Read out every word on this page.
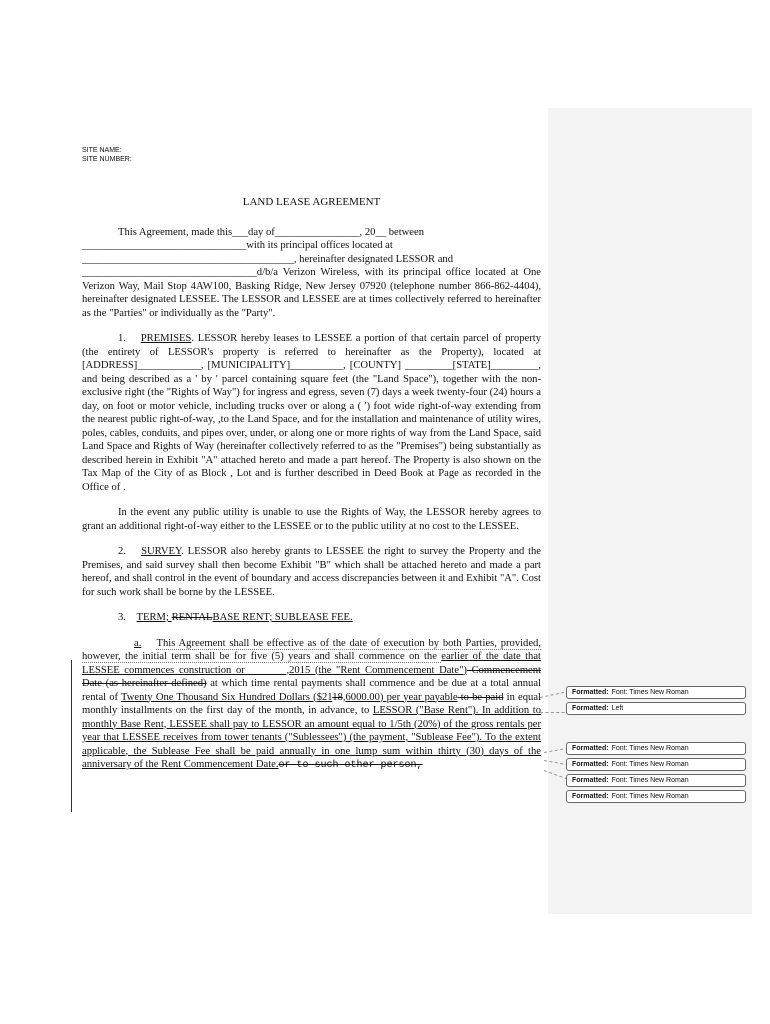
SITE NAME:
SITE NUMBER:
LAND LEASE AGREEMENT

This Agreement, made this___day of________________, 20__ between
_______________________________with its principal offices located at
________________________________________, hereinafter designated LESSOR and
_________________________________d/b/a Verizon Wireless, with its principal office located at One Verizon Way, Mail Stop 4AW100, Basking Ridge, New Jersey 07920 (telephone number 866-862-4404), hereinafter designated LESSEE. The LESSOR and LESSEE are at times collectively referred to hereinafter as the "Parties" or individually as the "Party".

1. PREMISES. LESSOR hereby leases to LESSEE a portion of that certain parcel of property (the entirety of LESSOR's property is referred to hereinafter as the Property), located at [ADDRESS]____________, [MUNICIPALITY]__________, [COUNTY] _________[STATE]_________, and being described as a ' by ' parcel containing square feet (the "Land Space"), together with the non-exclusive right (the "Rights of Way") for ingress and egress, seven (7) days a week twenty-four (24) hours a day, on foot or motor vehicle, including trucks over or along a ( ') foot wide right-of-way extending from the nearest public right-of-way, ,to the Land Space, and for the installation and maintenance of utility wires, poles, cables, conduits, and pipes over, under, or along one or more rights of way from the Land Space, said Land Space and Rights of Way (hereinafter collectively referred to as the "Premises") being substantially as described herein in Exhibit "A" attached hereto and made a part hereof. The Property is also shown on the Tax Map of the City of as Block , Lot and is further described in Deed Book at Page as recorded in the Office of .

In the event any public utility is unable to use the Rights of Way, the LESSOR hereby agrees to grant an additional right-of-way either to the LESSEE or to the public utility at no cost to the LESSEE.

2. SURVEY. LESSOR also hereby grants to LESSEE the right to survey the Property and the Premises, and said survey shall then become Exhibit "B" which shall be attached hereto and made a part hereof, and shall control in the event of boundary and access discrepancies between it and Exhibit "A". Cost for such work shall be borne by the LESSEE.

3. TERM; RENTALBASE RENT; SUBLEASE FEE.

a. This Agreement shall be effective as of the date of execution by both Parties, provided, however, the initial term shall be for five (5) years and shall commence on the earlier of the date that LESSEE commences construction or _______,2015 (the "Rent Commencement Date") Commencement Date (as hereinafter defined) at which time rental payments shall commence and be due at a total annual rental of Twenty One Thousand Six Hundred Dollars ($2118,6000.00) per year payable to be paid in equal monthly installments on the first day of the month, in advance, to LESSOR ("Base Rent"). In addition to monthly Base Rent, LESSEE shall pay to LESSOR an amount equal to 1/5th (20%) of the gross rentals per year that LESSEE receives from tower tenants ("Sublessees") (the payment, "Sublease Fee"). To the extent applicable, the Sublease Fee shall be paid annually in one lump sum within thirty (30) days of the anniversary of the Rent Commencement Date.or to such other person,

Formatted: Font: Times New Roman
Formatted: Left
Formatted: Font: Times New Roman
Formatted: Font: Times New Roman
Formatted: Font: Times New Roman
Formatted: Font: Times New Roman
